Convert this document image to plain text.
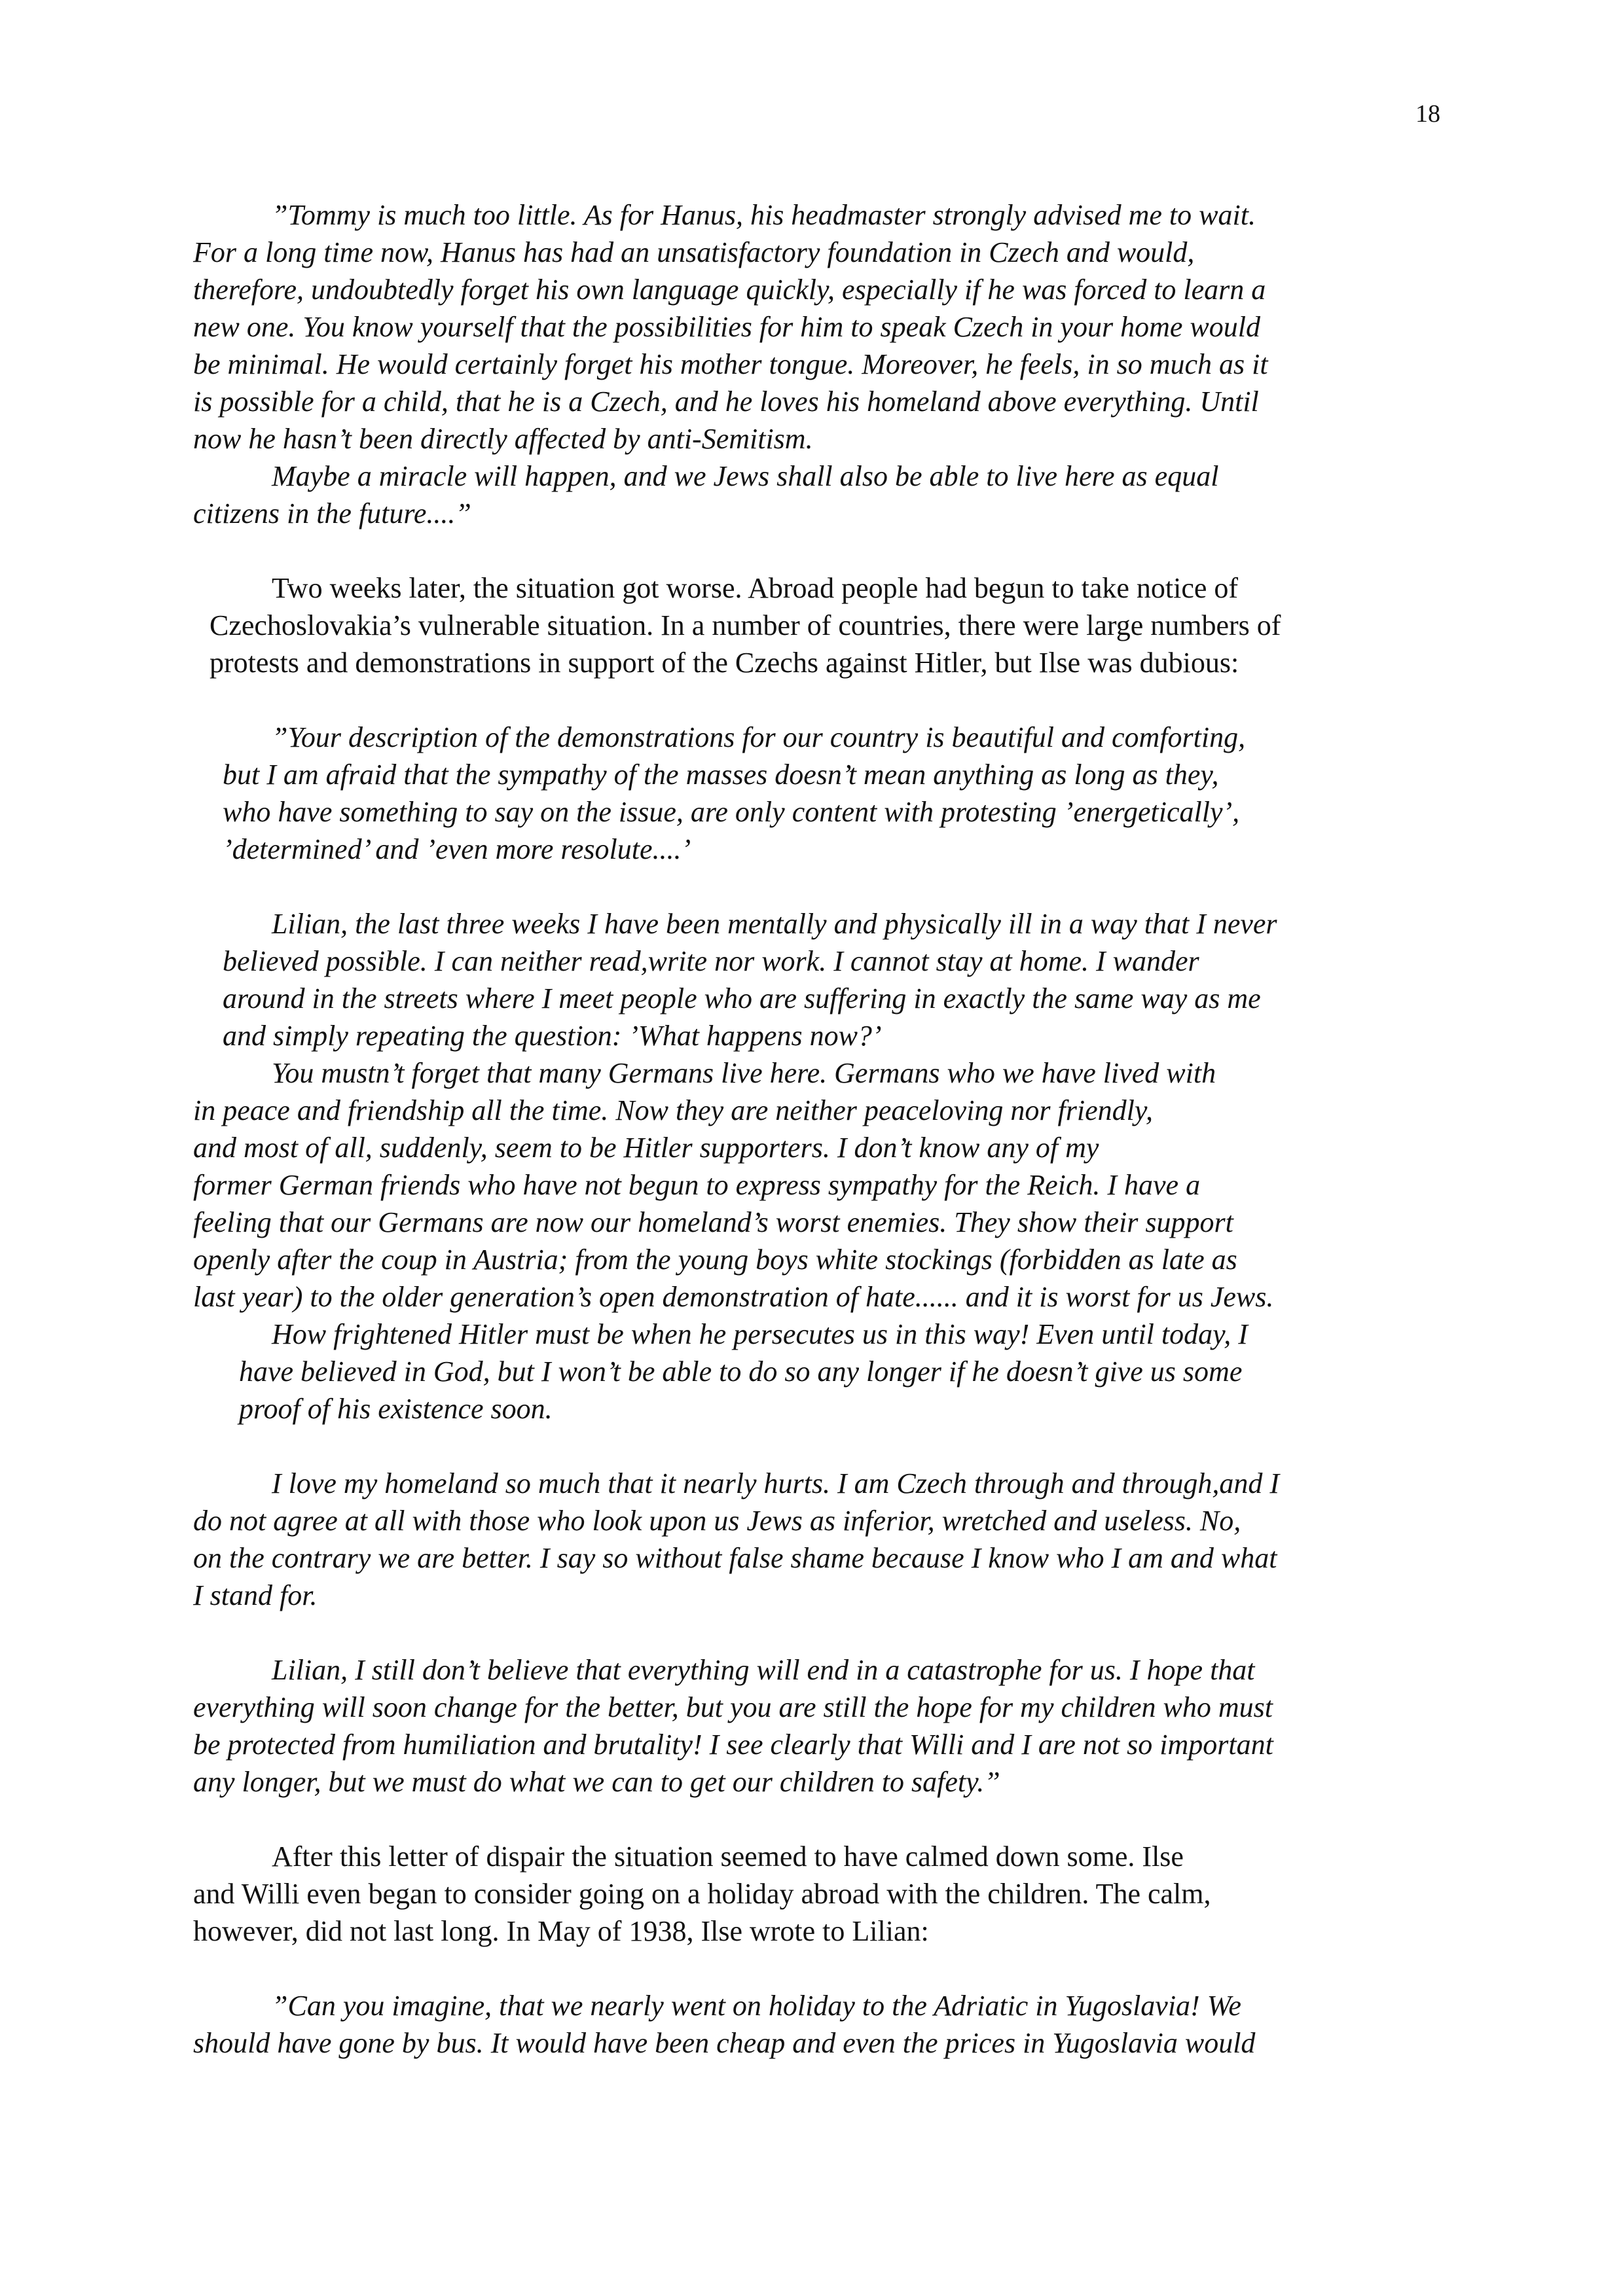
18

”Tommy is much too little. As for Hanus, his headmaster strongly advised me to wait.

For a long time now, Hanus has had an unsatisfactory foundation in Czech and would,

therefore, undoubtedly forget his own language quickly, especially if he was forced to learn a

new one. You know yourself that the possibilities for him to speak Czech in your home would

be minimal. He would certainly forget his mother tongue. Moreover, he feels, in so much as it

is possible for a child, that he is a Czech, and he loves his homeland above everything. Until

now he hasn’t been directly affected by anti-Semitism.

Maybe a miracle will happen, and we Jews shall also be able to live here as equal

citizens in the future....”

Two weeks later, the situation got worse. Abroad people had begun to take notice of

Czechoslovakia’s vulnerable situation. In a number of countries, there were large numbers of

protests and demonstrations in support of the Czechs against Hitler, but Ilse was dubious:

”Your description of the demonstrations for our country is beautiful and comforting,

but I am afraid that the sympathy of the masses doesn’t mean anything as long as they,

who have something to say on the issue, are only content with protesting ’energetically’,

’determined’ and ’even more resolute....’

Lilian, the last three weeks I have been mentally and physically ill in a way that I never

believed possible. I can neither read,write nor work. I cannot stay at home. I wander

around in the streets where I meet people who are suffering in exactly the same way as me

and simply repeating the question: ’What happens now?’

You mustn’t forget that many Germans live here. Germans who we have lived with

in peace and friendship all the time. Now they are neither peaceloving nor friendly,

and most of all, suddenly, seem to be Hitler supporters. I don’t know any of my

former German friends who have not begun to express sympathy for the Reich. I have a

feeling that our Germans are now our homeland’s worst enemies. They show their support

openly after the coup in Austria; from the young boys white stockings (forbidden as late as

last year) to the older generation’s open demonstration of hate...... and it is worst for us Jews.

How frightened Hitler must be when he persecutes us in this way! Even until today, I

have believed in God, but I won’t be able to do so any longer if he doesn’t give us some

proof of his existence soon.

I love my homeland so much that it nearly hurts. I am Czech through and through,and I

do not agree at all with those who look upon us Jews as inferior, wretched and useless. No,

on the contrary we are better. I say so without false shame because I know who I am and what

I stand for.

Lilian, I still don’t believe that everything will end in a catastrophe for us. I hope that

everything will soon change for the better, but you are still the hope for my children who must

be protected from humiliation and brutality! I see clearly that Willi and I are not so important

any longer, but we must do what we can to get our children to safety.”

After this letter of dispair the situation seemed to have calmed down some. Ilse

and Willi even began to consider going on a holiday abroad with the children. The calm,

however, did not last long. In May of 1938, Ilse wrote to Lilian:

”Can you imagine, that we nearly went on holiday to the Adriatic in Yugoslavia! We

should have gone by bus. It would have been cheap and even the prices in Yugoslavia would
